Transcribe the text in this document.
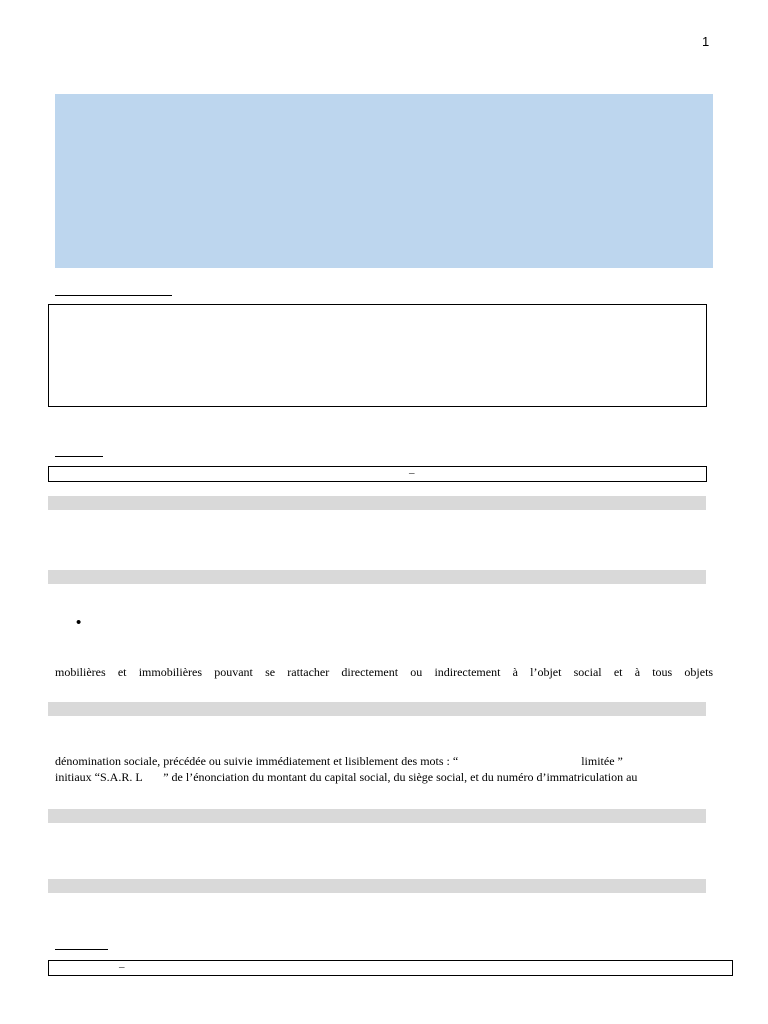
1
–
•
mobilières et immobilières pouvant se rattacher directement ou indirectement à l’objet social et à tous objets
dénomination sociale, précédée ou suivie immédiatement et lisiblement des mots : “                                         limitée ”
initiaux “S.A.R. L       ” de l’énonciation du montant du capital social, du siège social, et du numéro d’immatriculation au
–
